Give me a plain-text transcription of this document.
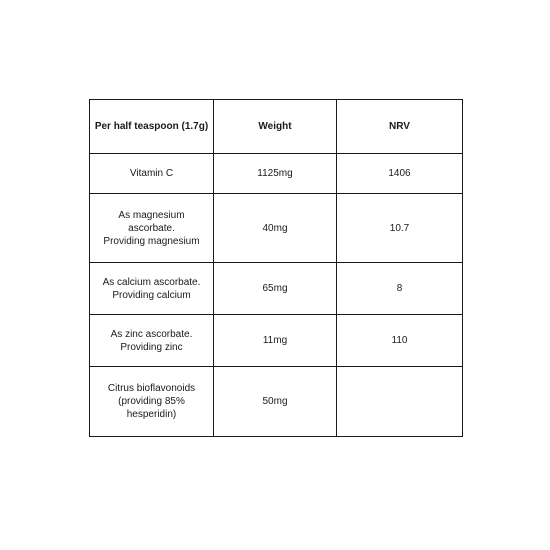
Per half teaspoon (1.7g)	Weight	NRV
Vitamin C	1125mg	1406
As magnesium ascorbate.
Providing magnesium	40mg	10.7
As calcium ascorbate.
Providing calcium	65mg	8
As zinc ascorbate.
Providing zinc	11mg	110
Citrus bioflavonoids
(providing 85% hesperidin)	50mg	
